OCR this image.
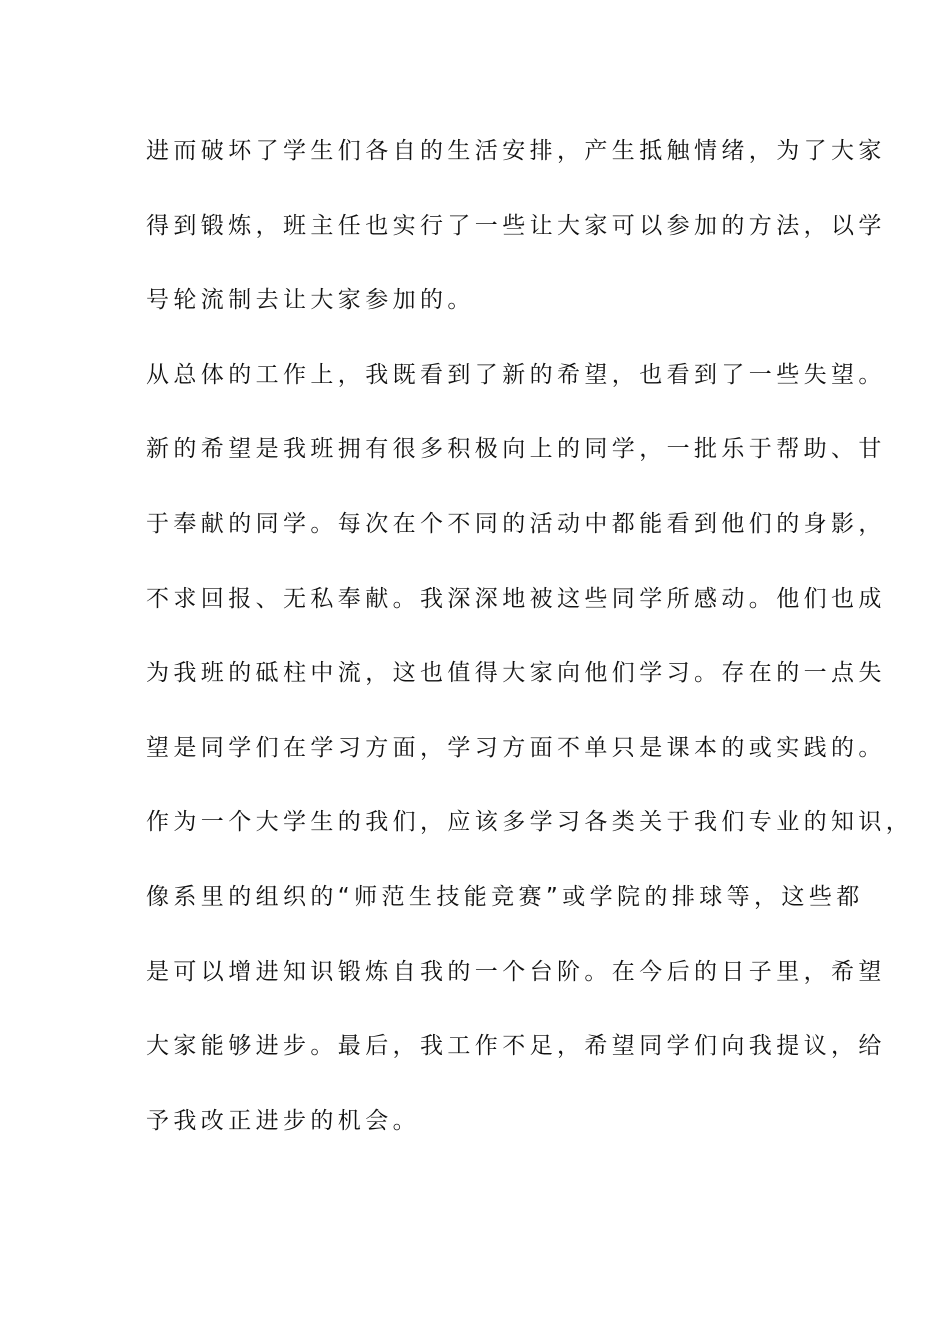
进而破坏了学生们各自的生活安排，产生抵触情绪，为了大家
得到锻炼，班主任也实行了一些让大家可以参加的方法，以学
号轮流制去让大家参加的。
从总体的工作上，我既看到了新的希望，也看到了一些失望。
新的希望是我班拥有很多积极向上的同学，一批乐于帮助、甘
于奉献的同学。每次在个不同的活动中都能看到他们的身影，
不求回报、无私奉献。我深深地被这些同学所感动。他们也成
为我班的砥柱中流，这也值得大家向他们学习。存在的一点失
望是同学们在学习方面，学习方面不单只是课本的或实践的。
作为一个大学生的我们，应该多学习各类关于我们专业的知识，
像系里的组织的“师范生技能竞赛”或学院的排球等，这些都
是可以增进知识锻炼自我的一个台阶。在今后的日子里，希望
大家能够进步。最后，我工作不足，希望同学们向我提议，给
予我改正进步的机会。
